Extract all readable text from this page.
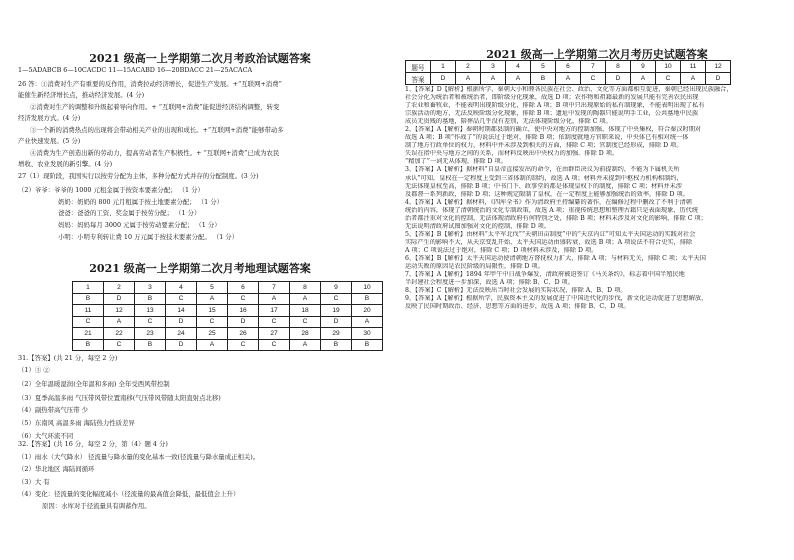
2021 级高一上学期第二次月考政治试题答案
1—5ADABCB 6—10CACDC 11—15ACABD 16—20BDACC 21—25ACACA
26 答：①消费对生产有重要的反作用，消费拉动经济增长，促进生产发展。+“互联网+消费”
能催生新经济增长点，推动经济发展。(4 分)
②消费对生产的调整和升级起着导向作用。+ “互联网+消费”能促进经济结构调整，转变
经济发展方式。(4 分)
③一个新的消费热点的出现将会带动相关产业的出现和成长。+“互联网+消费”能够带动多
产业快速发展。(5 分)
④消费为生产创造出新的劳动力，提高劳动者生产积极性。+ “互联网+消费”已成为农民
增收、农业发展的新引擎。(4 分)
27（1）现阶段，我国实行以按劳分配为主体，多种分配方式并存的分配制度。(3 分)
（2）爷爷：爷爷的 1000 元租金属于按资本要素分配； （1 分）
奶奶：奶奶的 800 元月租属于按土地要素分配； （1 分）
爸爸：爸爸的工资、奖金属于按劳分配； （1 分）
妈妈：妈妈每月 3000 元属于按劳动要素分配； （1 分）
小明：小明专利转让费 10 万元属于按技术要素分配。 （1 分）
2021 级高一上学期第二次月考地理试题答案
1	2	3	4	5	6	7	8	9	10
B	D	B	C	A	C	A	A	C	B
11	12	13	14	15	16	17	18	19	20
C	A	C	D	C	D	C	C	D	A
21	22	23	24	25	26	27	28	29	30
B	C	B	D	A	C	C	A	B	B
31.【答案】(共 21 分，每空 2 分)
（1）③ ②
（2）全年温暖湿润(全年温和多雨) 全年受西风带控制
（3）夏季高温多雨 气压带风带位置南移(气压带风带随太阳直射点北移)
（4）副热带高气压带 少
（5）东南风 高温多雨 海陆热力性质差异
（6）大气环流不同
32.【答案】(共 16 分，每空 2 分，第（4）题 4 分)
（1）雨水（大气降水） 径流量与降水量的变化基本一致(径流量与降水量成正相关)。
（2）华北地区 海陆间循环
（3）大 有
（4）变化：径流量的变化幅度减小（径流量的最高值会降低，最低值会上升）
原因：水库对于径流量具有调蓄作用。
2021 级高一上学期第二次月考历史试题答案
题号	1	2	3	4	5	6	7	8	9	10	11	12
答案	D	A	A	A	B	A	C	D	A	C	A	D
1、【答案】D【解析】根据所学，秦朝大小和睦各民族在社会、政治、文化等方面都相互促进，秦朝已经出现民族融合，
社会分化为统治者和被统治者，即阶级分化现象，故选 D 项；农作物和祖籍最新的发展只能有完善农民出现
了农业和畜牧业，不能表明出现阶级分化，排除 A 项；B 项中只出现原始的私有制现象，不能表明出现了私有
宗族活动的地方，无法反映阶级分化现象，排除 B 项；遗址中发现的陶器只能说明手工业，公共墓地中民族
成员无贵贱的墓地，陪葬品几乎没有差别，无法体现阶级分化，排除 C 项。
2、【答案】A【解析】秦朝时期郡县制的确立，使中央对地方的控制加强，体现了中央集权，符合秦汉时期对
故选 A 项；B 项“作战了”的说法过于绝对，排除 B 项；依制度就地方官职来说，中央体已有相对统一体
制了地方行政单位的权力，材料中并未涉及到相关的方面，排除 C 项；官制度已经形成，排除 D 项。
失误在指中央与地方之间的关系，而材料反映出中央权力的加强。排除 D 项。
“精加了”一词无从体现，排除 D 项。
3、【答案】A【解析】据材料“自皇帝直接发出的命令，在由群臣决议为前提制约，不能为下属机关所
承认”可知，皇权在一定程度上受到三省体制的制约，故选 A 项；材料并未提到中枢权力机构相制约，
无法体现皇权至高，排除 B 项；中书门下、政事堂的都是体现皇权下的制度，排除 C 项；材料并未涉
及都督一系列新政，排除 D 项；这种规定限制了皇权，在一定程度上能够加强统治的效率，排除 D 项。
4、【答案】A【解析】据材料，《四库全书》作为清政府主持编纂的著作，在编修过程中删改了不利于清朝
统治的内容，体现了清朝统治的文化专制政策，故选 A 项；重视传统思想和整理古籍只是表面现象，历代统
治者都注重对文化的控制，无法体现清政府有何特别之处，排除 B 项；材料未涉及对文化的影响，排除 C 项；
无法说明清政府试图加强对文化的控制，排除 D 项。
5、【答案】B【解析】由材料“太平军北伐”“天朝田亩制度”中的“天京内讧”可知太平天国运动的实践对社会
实际产生的影响不大，从天京变乱开始，太平天国运动由盛转衰，故选 B 项；A 项说法不符合史实，排除
A 项；C 项说法过于绝对，排除 C 项；D 项材料未涉及，排除 D 项。
6、【答案】B【解析】太平天国运动使清朝地方督抚权力扩大，排除 A 项；与材料无关，排除 C 项；太平天国
运动失败的原因是农民阶级的局限性，排除 D 项。
7、【答案】A【解析】1894 年甲午中日战争爆发，清政府被迫签订《马关条约》，标志着中国半殖民地
半封建社会程度进一步加深，故选 A 项；排除 B、C、D 项。
8、【答案】C【解析】无法反映出当时社会发展的实际状况，排除 A、B、D 项。
9、【答案】A【解析】根据所学，民族资本主义的发展促进了中国近代化的步伐，新文化运动促进了思想解放，
反映了民国时期政治、经济、思想等方面的进步，故选 A 项；排除 B、C、D 项。
